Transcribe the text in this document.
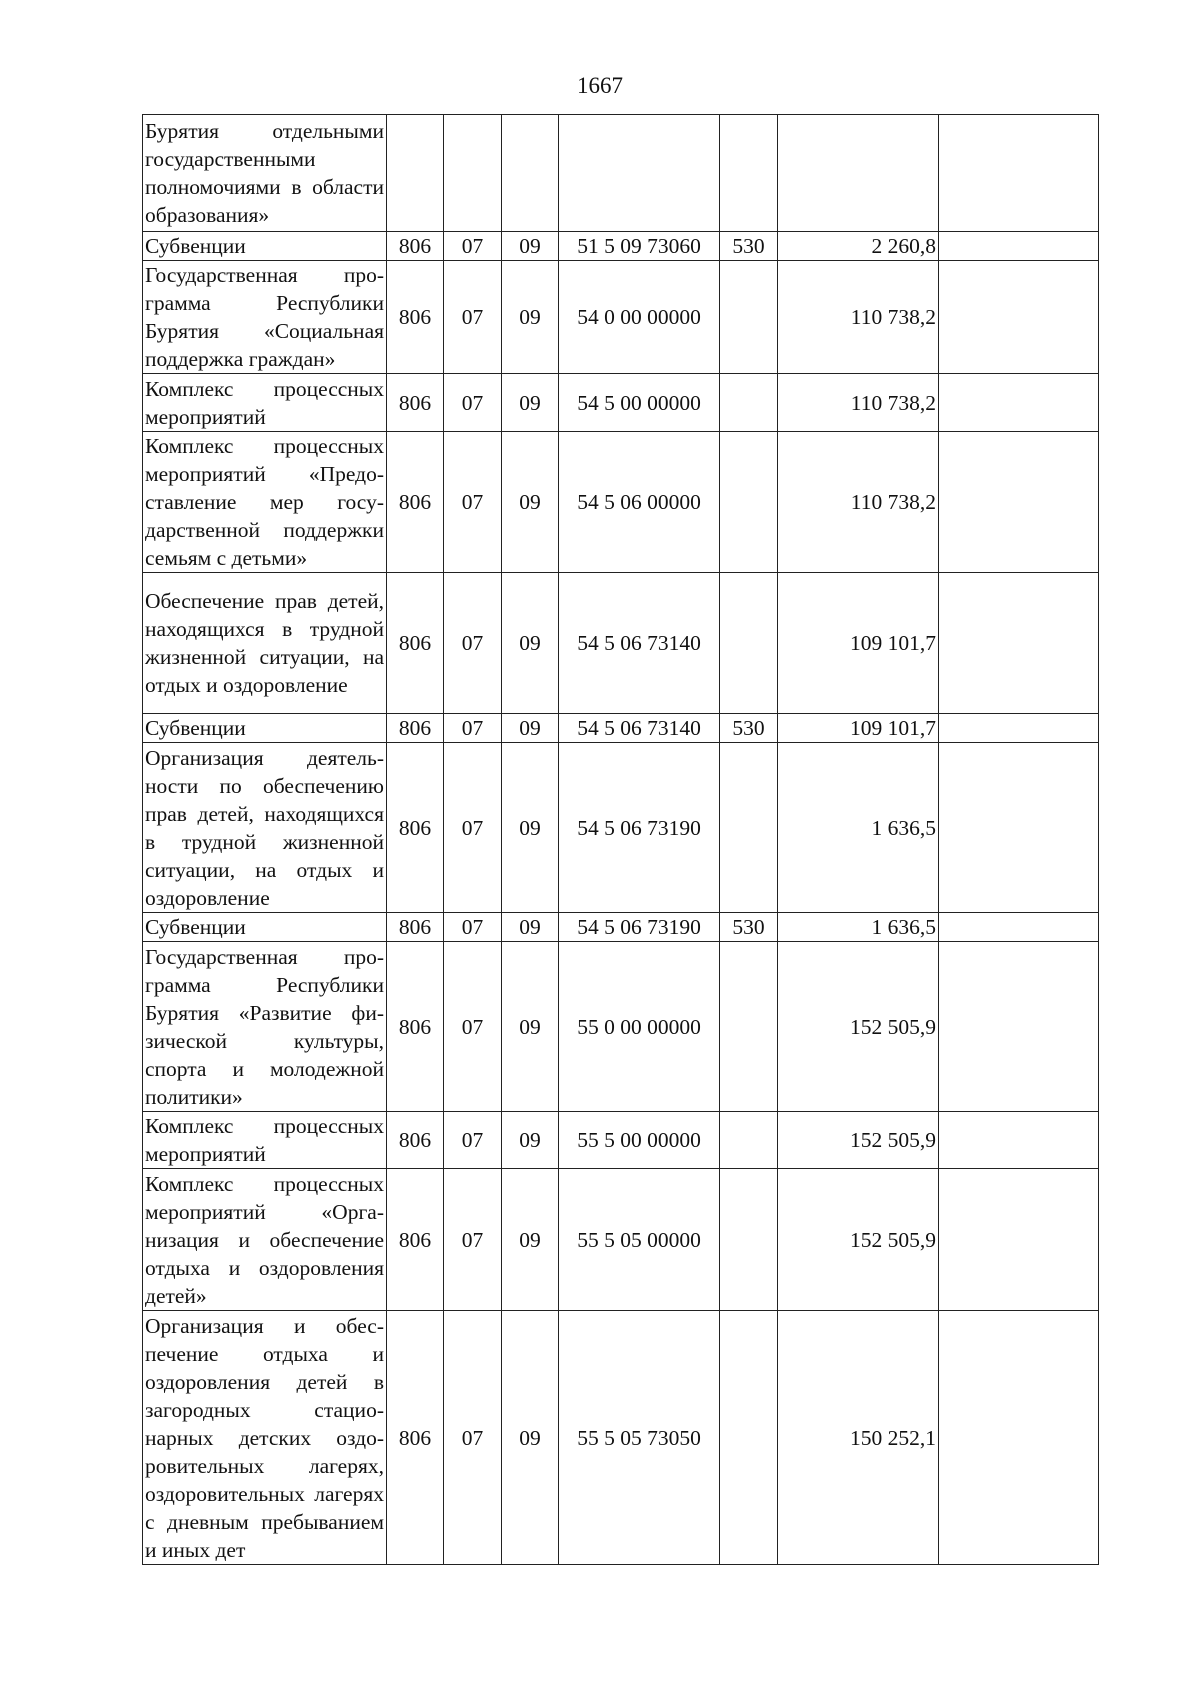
1667
Бурятия отдельными государственными полномочиями в области образования»							
Субвенции	806	07	09	51 5 09 73060	530	2 260,8	
Государственная программа Республики Бурятия «Социальная поддержка граждан»	806	07	09	54 0 00 00000		110 738,2	
Комплекс процессных мероприятий	806	07	09	54 5 00 00000		110 738,2	
Комплекс процессных мероприятий «Предоставление мер государственной поддержки семьям с детьми»	806	07	09	54 5 06 00000		110 738,2	
Обеспечение прав детей, находящихся в трудной жизненной ситуации, на отдых и оздоровление	806	07	09	54 5 06 73140		109 101,7	
Субвенции	806	07	09	54 5 06 73140	530	109 101,7	
Организация деятельности по обеспечению прав детей, находящихся в трудной жизненной ситуации, на отдых и оздоровление	806	07	09	54 5 06 73190		1 636,5	
Субвенции	806	07	09	54 5 06 73190	530	1 636,5	
Государственная программа Республики Бурятия «Развитие физической культуры, спорта и молодежной политики»	806	07	09	55 0 00 00000		152 505,9	
Комплекс процессных мероприятий	806	07	09	55 5 00 00000		152 505,9	
Комплекс процессных мероприятий «Организация и обеспечение отдыха и оздоровления детей»	806	07	09	55 5 05 00000		152 505,9	
Организация и обеспечение отдыха и оздоровления детей в загородных стационарных детских оздоровительных лагерях, оздоровительных лагерях с дневным пребыванием и иных дет	806	07	09	55 5 05 73050		150 252,1	
